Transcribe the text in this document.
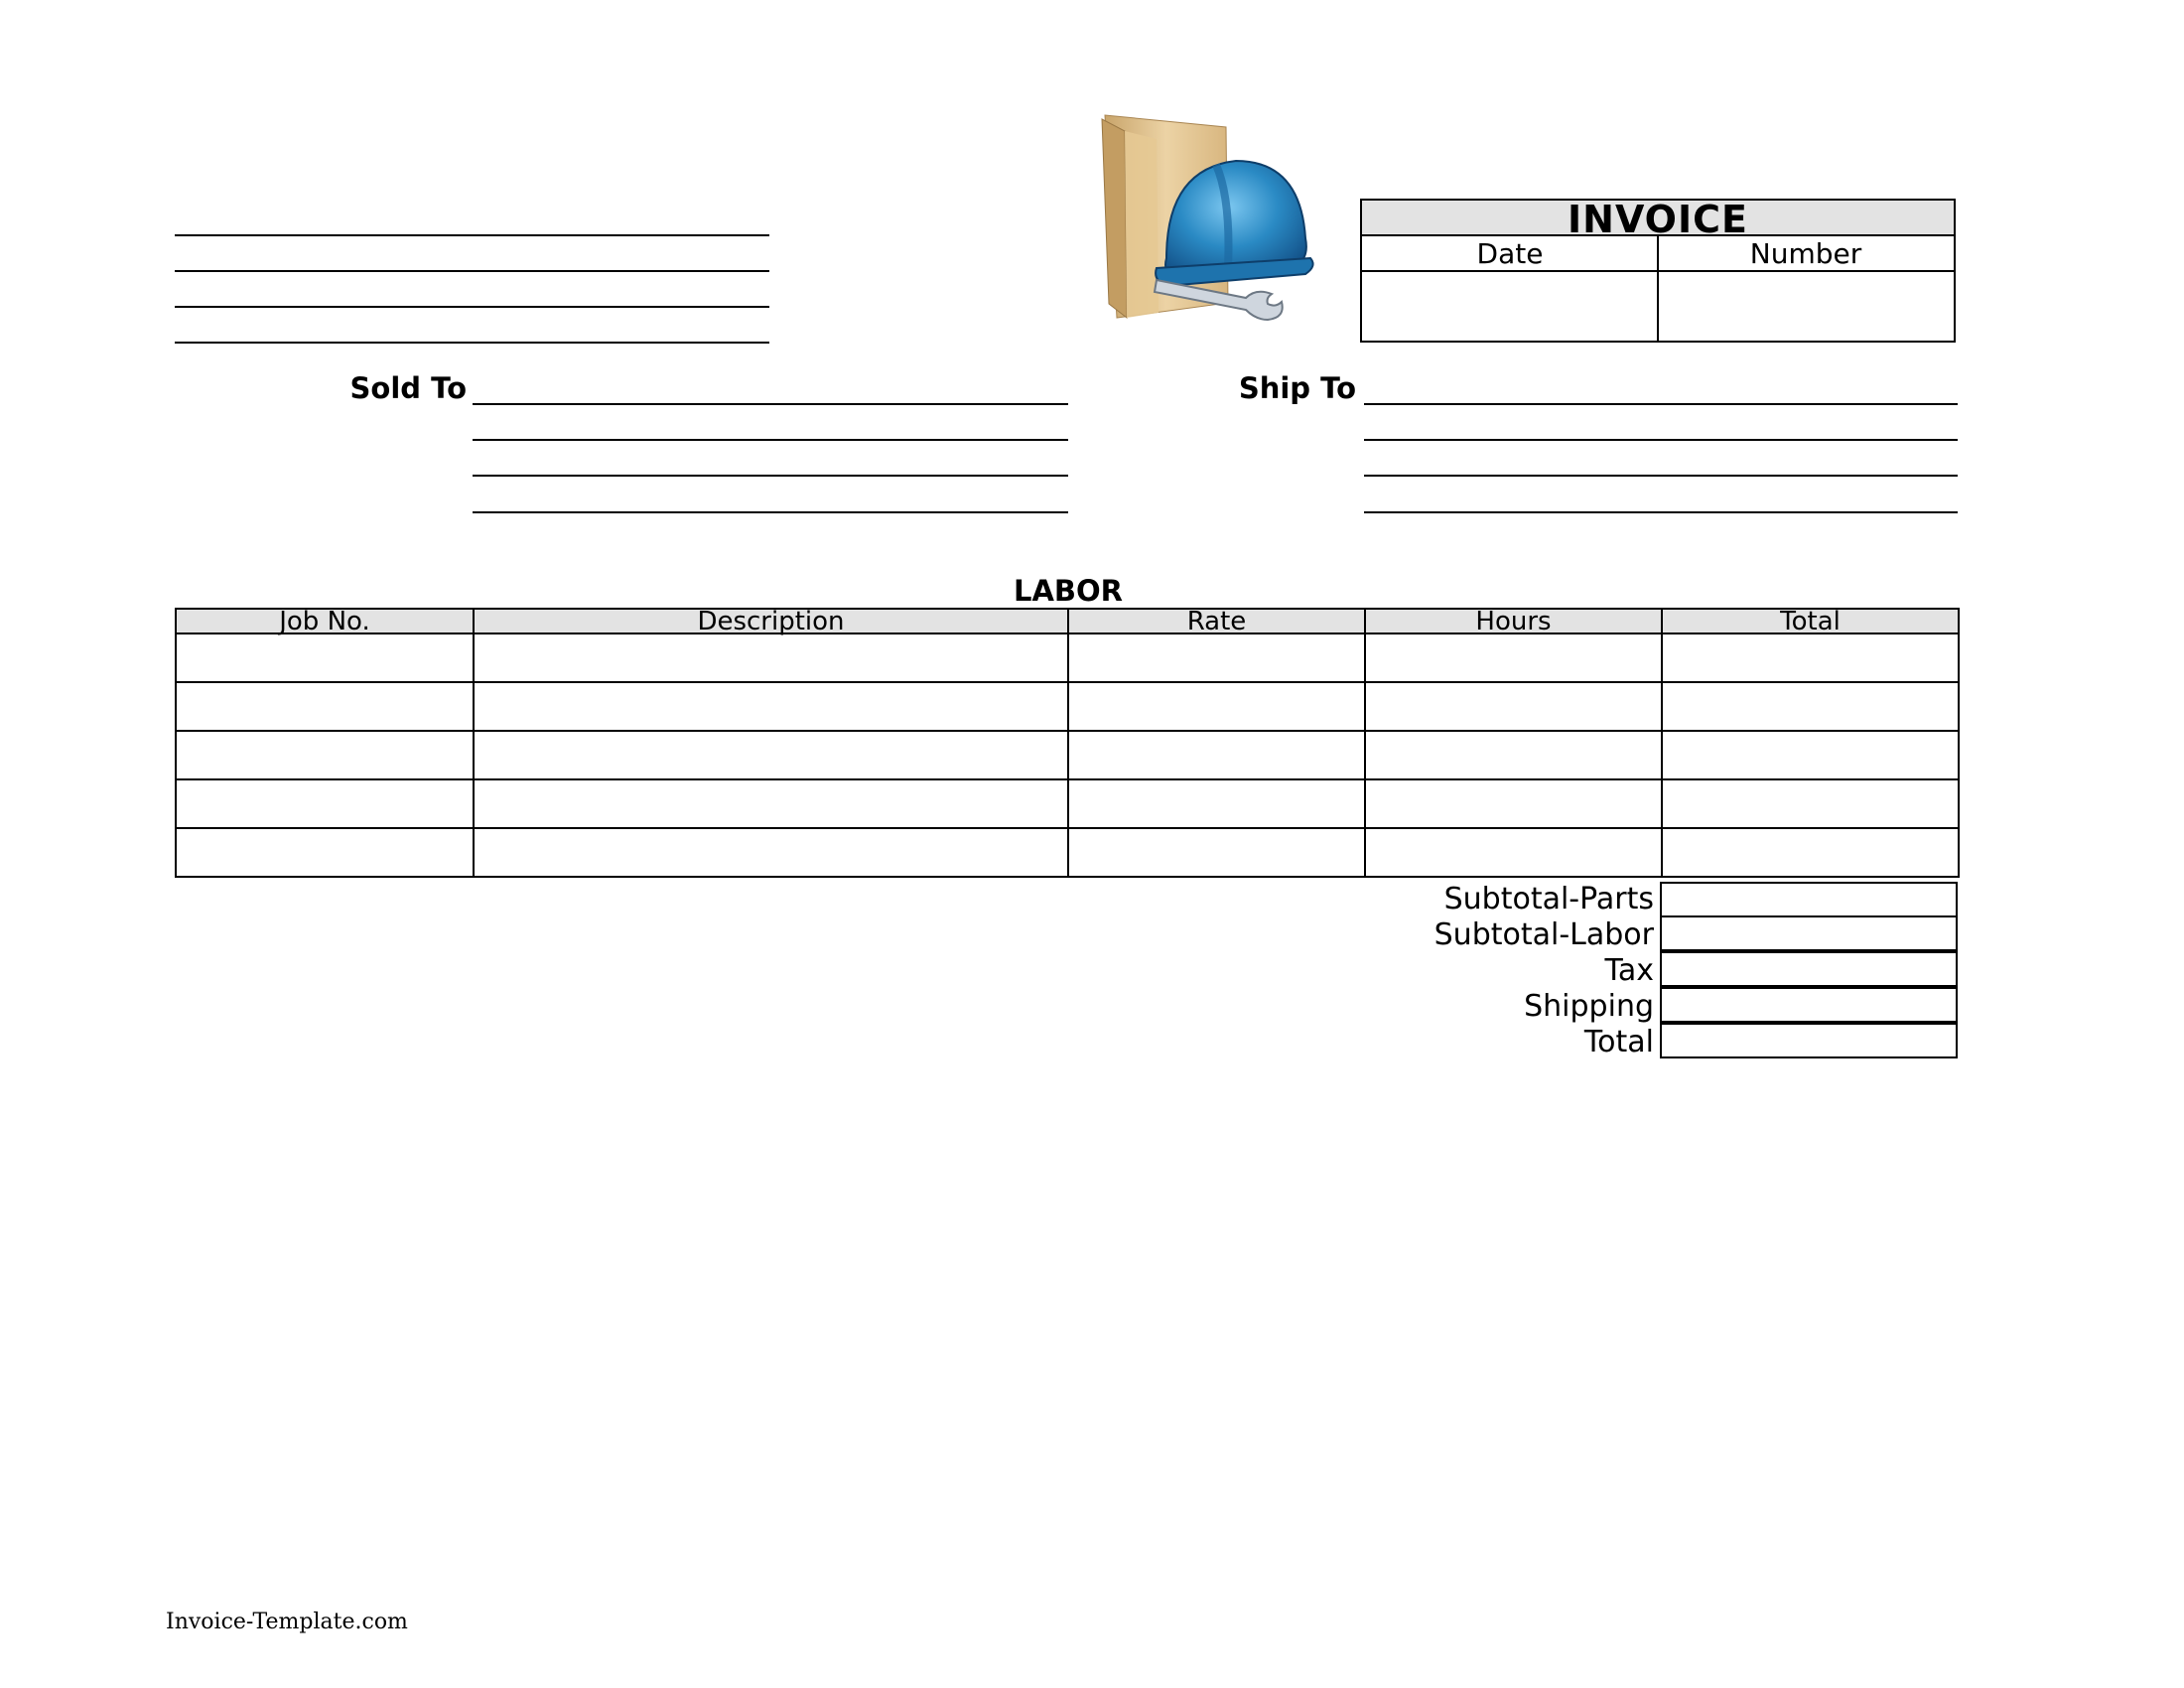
INVOICE
Date	Number
Sold To	Ship To
LABOR
Job No.	Description	Rate	Hours	Total

Subtotal-Parts
Subtotal-Labor
Tax
Shipping
Total
Invoice-Template.com
